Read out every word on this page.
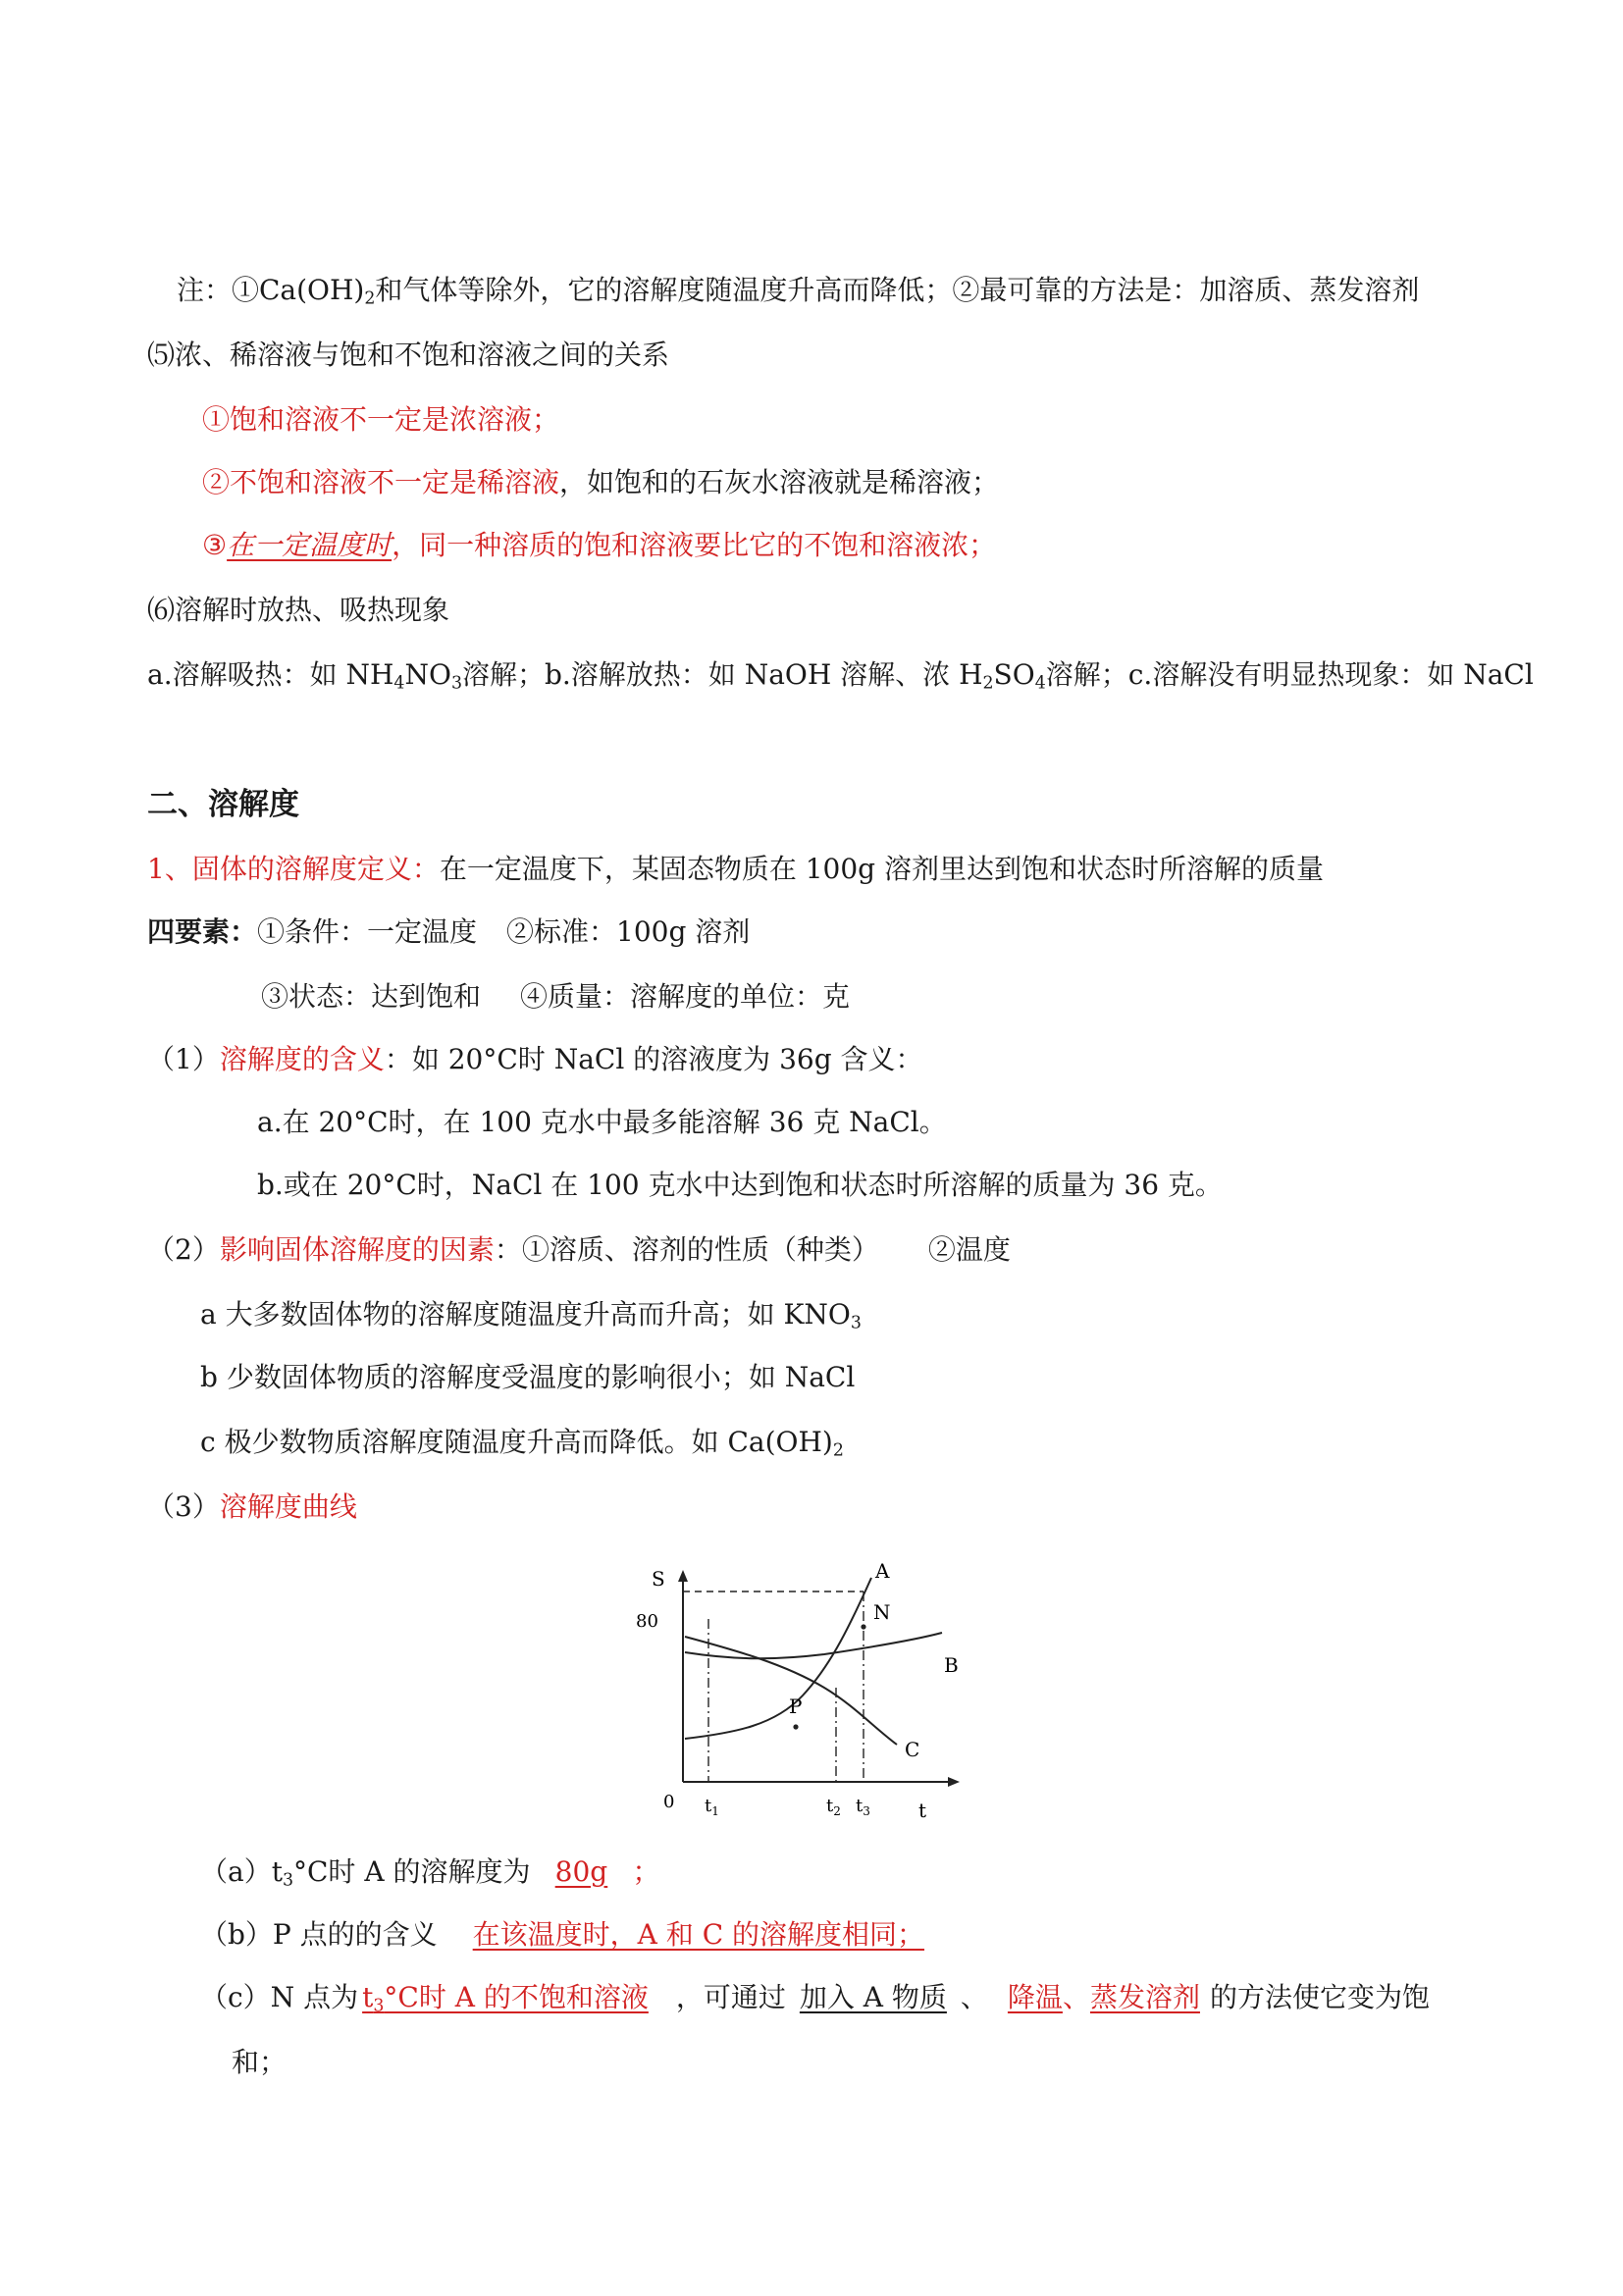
注：$①Ca(OH)_2$和气体等除外，它的溶解度随温度升高而降低；②最可靠的方法是：加溶质、蒸发溶剂
⑸浓、稀溶液与饱和不饱和溶液之间的关系
①饱和溶液不一定是浓溶液；
②不饱和溶液不一定是稀溶液，如饱和的石灰水溶液就是稀溶液；
③在一定温度时，同一种溶质的饱和溶液要比它的不饱和溶液浓；
⑹溶解时放热、吸热现象
a.溶解吸热：如 $NH_4NO_3$溶解；b.溶解放热：如 NaOH 溶解、浓 $H_2SO_4$溶解；c.溶解没有明显热现象：如 NaCl
二、溶解度
1、固体的溶解度定义：在一定温度下，某固态物质在 100g 溶剂里达到饱和状态时所溶解的质量
四要素：①条件：一定温度 ②标准：100g 溶剂
③状态：达到饱和 ④质量：溶解度的单位：克
（1）溶解度的含义：如 20°C时 NaCl 的溶液度为 36g 含义：
a.在 20°C时，在 100 克水中最多能溶解 36 克 NaCl。
b.或在 20°C时，NaCl 在 100 克水中达到饱和状态时所溶解的质量为 36 克。
（2）影响固体溶解度的因素：①溶质、溶剂的性质（种类） ②温度
a 大多数固体物的溶解度随温度升高而升高；如 $KNO_3$
b 少数固体物质的溶解度受温度的影响很小；如 NaCl
c 极少数物质溶解度随温度升高而降低。如 $Ca(OH)_2$
（3）溶解度曲线
S
80
0	t
$t_1$	$t_2$ $t_3$
A
N
B
C
P
$(a)t_3^\circ C$时 A 的溶解度为 80g ；
（b）P 点的的含义 在该温度时，A 和 C 的溶解度相同；
（c）N 点为 $t_3^\circ C$时 A 的不饱和溶液 ，可通过 加入 A 物质 、 降温、蒸发溶剂 的方法使它变为饱
和；
